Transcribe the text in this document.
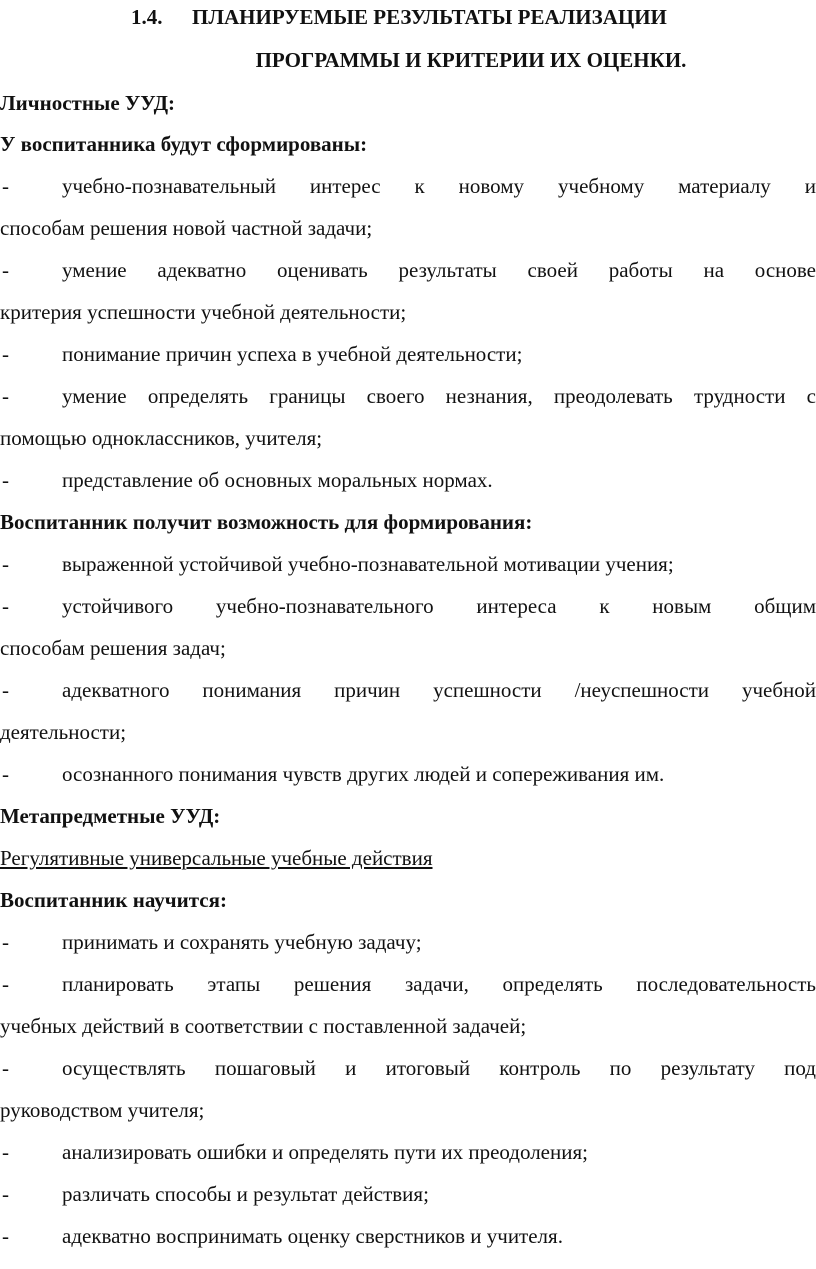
1.4. ПЛАНИРУЕМЫЕ РЕЗУЛЬТАТЫ РЕАЛИЗАЦИИ
ПРОГРАММЫ И КРИТЕРИИ ИХ ОЦЕНКИ.
Личностные УУД:
У воспитанника будут сформированы:
-	учебно-познавательный интерес к новому учебному материалу и
способам решения новой частной задачи;
-	умение адекватно оценивать результаты своей работы на основе
критерия успешности учебной деятельности;
-	понимание причин успеха в учебной деятельности;
-	умение определять границы своего незнания, преодолевать трудности с
помощью одноклассников, учителя;
-	представление об основных моральных нормах.
Воспитанник получит возможность для формирования:
-	выраженной устойчивой учебно-познавательной мотивации учения;
-	устойчивого учебно-познавательного интереса к новым общим
способам решения задач;
-	адекватного понимания причин успешности /неуспешности учебной
деятельности;
-	осознанного понимания чувств других людей и сопереживания им.
Метапредметные УУД:
Регулятивные универсальные учебные действия
Воспитанник научится:
-	принимать и сохранять учебную задачу;
-	планировать этапы решения задачи, определять последовательность
учебных действий в соответствии с поставленной задачей;
-	осуществлять пошаговый и итоговый контроль по результату под
руководством учителя;
-	анализировать ошибки и определять пути их преодоления;
-	различать способы и результат действия;
-	адекватно воспринимать оценку сверстников и учителя.
